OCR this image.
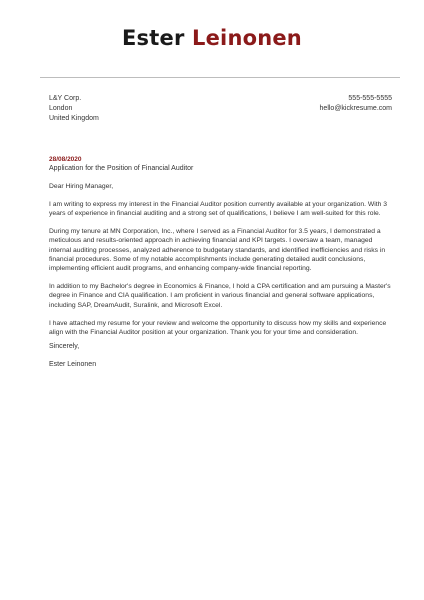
Ester Leinonen
L&Y Corp.
London
United Kingdom
555-555-5555
hello@kickresume.com
28/08/2020
Application for the Position of Financial Auditor

Dear Hiring Manager,

I am writing to express my interest in the Financial Auditor position currently available at your organization. With 3 years of experience in financial auditing and a strong set of qualifications, I believe I am well-suited for this role.

During my tenure at MN Corporation, Inc., where I served as a Financial Auditor for 3.5 years, I demonstrated a meticulous and results-oriented approach in achieving financial and KPI targets. I oversaw a team, managed internal auditing processes, analyzed adherence to budgetary standards, and identified inefficiencies and risks in financial procedures. Some of my notable accomplishments include generating detailed audit conclusions, implementing efficient audit programs, and enhancing company-wide financial reporting.

In addition to my Bachelor's degree in Economics & Finance, I hold a CPA certification and am pursuing a Master's degree in Finance and CIA qualification. I am proficient in various financial and general software applications, including SAP, DreamAudit, Suralink, and Microsoft Excel.

I have attached my resume for your review and welcome the opportunity to discuss how my skills and experience align with the Financial Auditor position at your organization. Thank you for your time and consideration.

Sincerely,
Ester Leinonen
